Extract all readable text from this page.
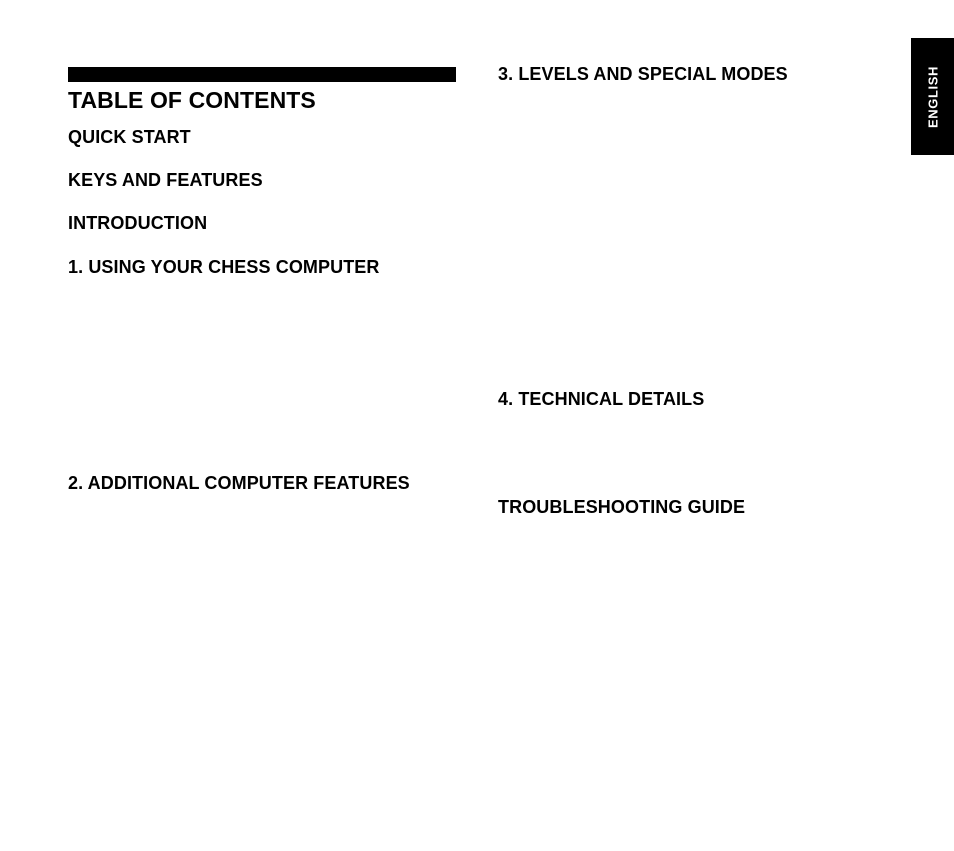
TABLE OF CONTENTS
QUICK START
KEYS AND FEATURES
INTRODUCTION
1. USING YOUR CHESS COMPUTER
2. ADDITIONAL COMPUTER FEATURES
3. LEVELS AND SPECIAL MODES
4. TECHNICAL DETAILS
TROUBLESHOOTING GUIDE
ENGLISH
